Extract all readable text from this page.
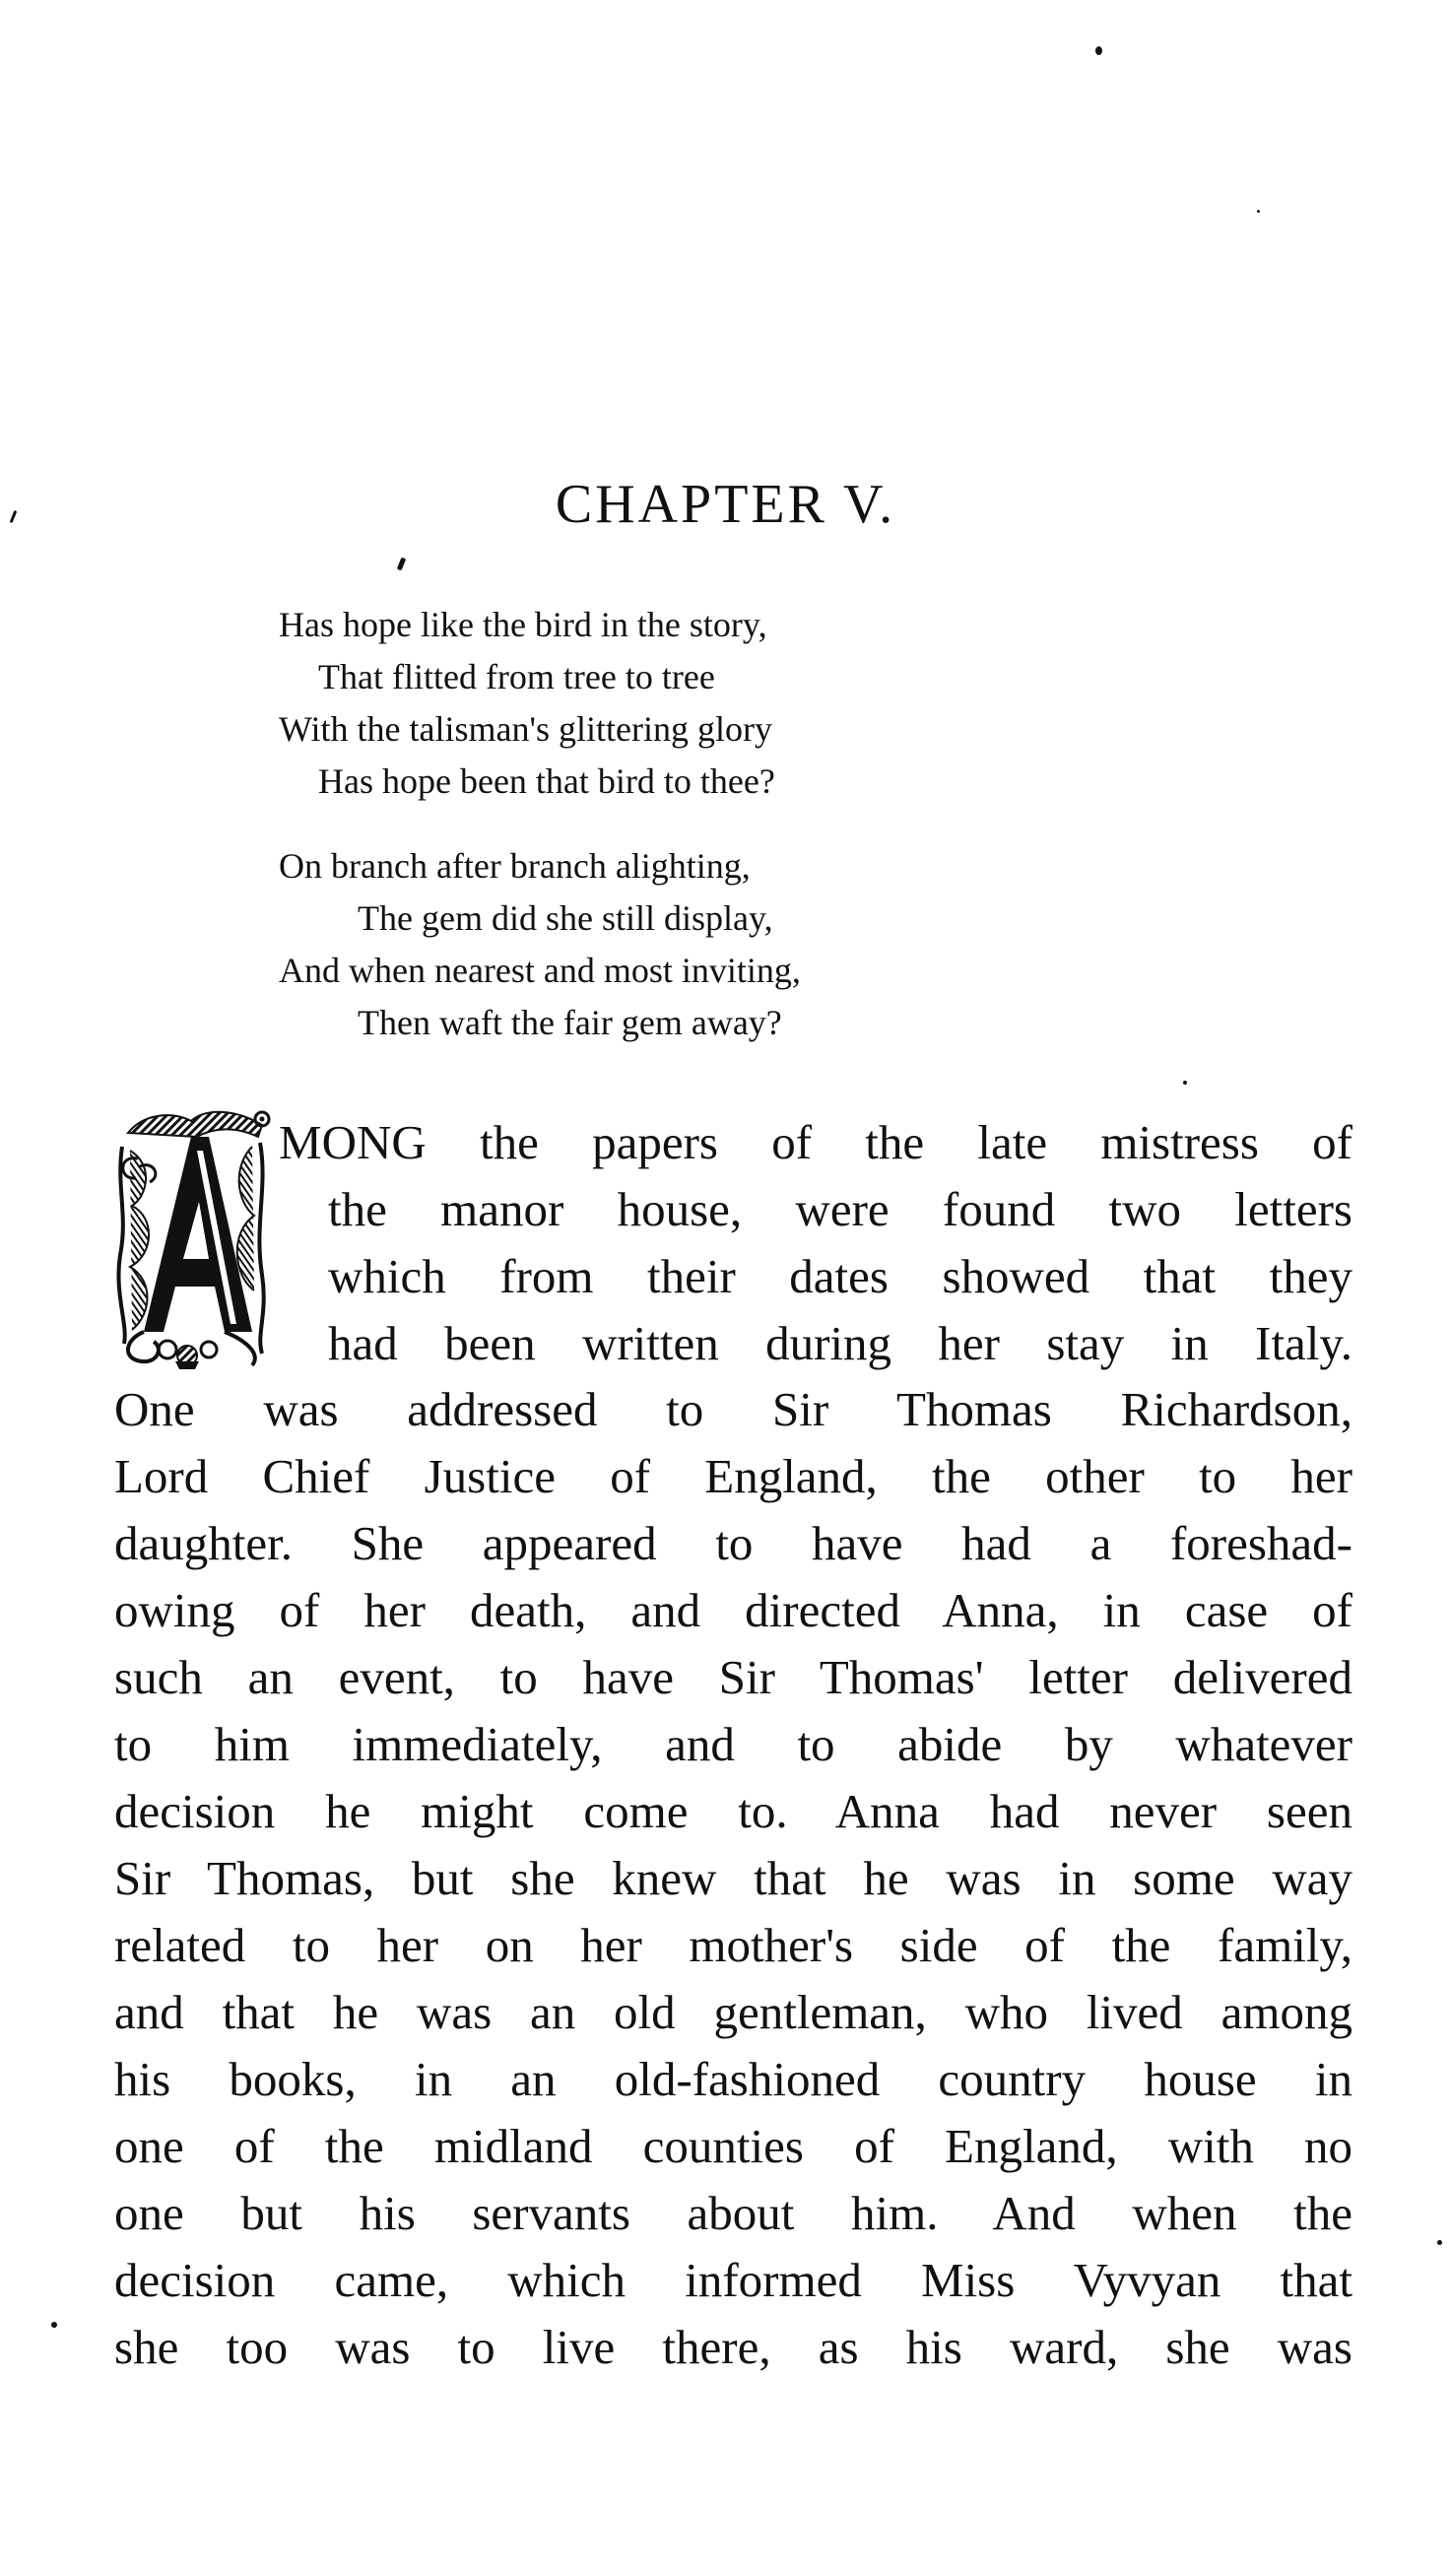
CHAPTER V.
Has hope like the bird in the story,
That flitted from tree to tree
With the talisman's glittering glory
Has hope been that bird to thee?
On branch after branch alighting,
The gem did she still display,
And when nearest and most inviting,
Then waft the fair gem away?
MONG the papers of the late mistress of
the manor house, were found two letters
which from their dates showed that they
had been written during her stay in Italy.
One was addressed to Sir Thomas Richardson,
Lord Chief Justice of England, the other to her
daughter. She appeared to have had a foreshad-
owing of her death, and directed Anna, in case of
such an event, to have Sir Thomas' letter delivered
to him immediately, and to abide by whatever
decision he might come to. Anna had never seen
Sir Thomas, but she knew that he was in some way
related to her on her mother's side of the family,
and that he was an old gentleman, who lived among
his books, in an old-fashioned country house in
one of the midland counties of England, with no
one but his servants about him. And when the
decision came, which informed Miss Vyvyan that
she too was to live there, as his ward, she was
